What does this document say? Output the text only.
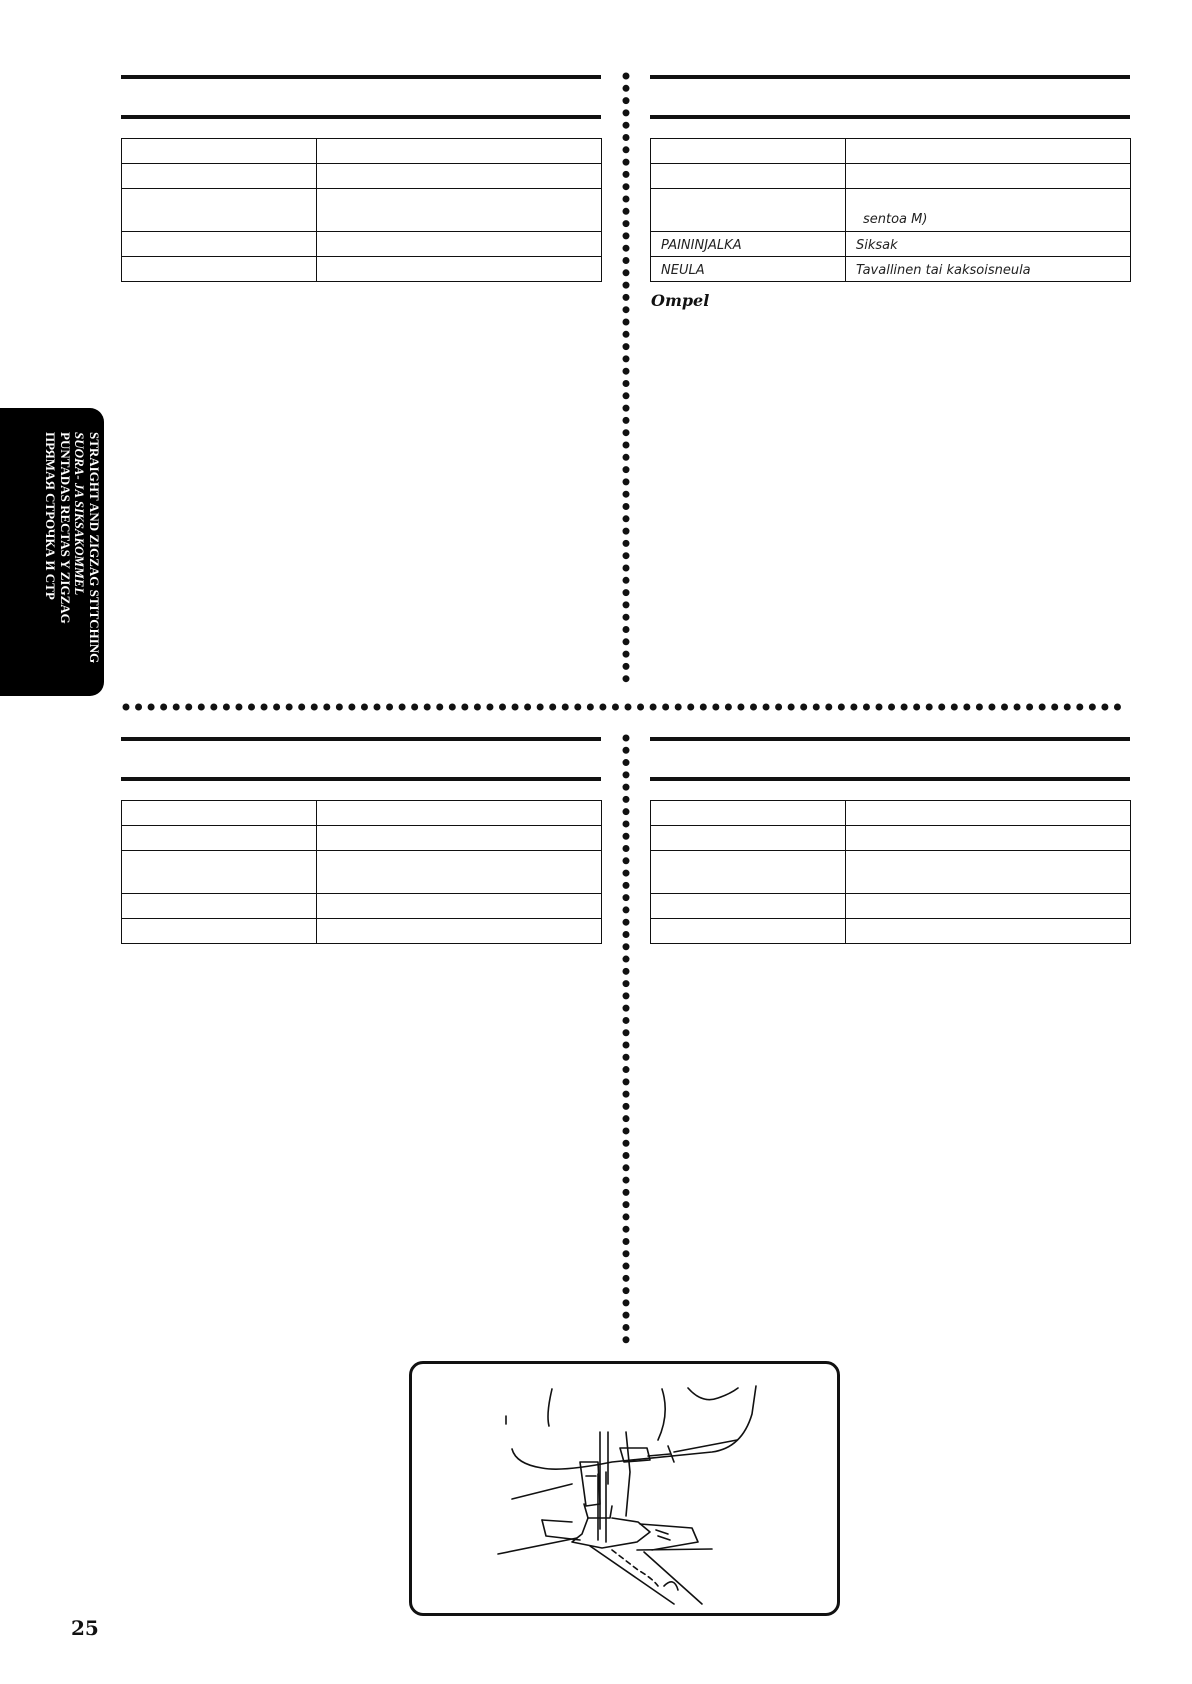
	sentoa M)
PAININJALKA	Siksak
NEULA	Tavallinen tai kaksoisneula
Ompel

STRAIGHT AND ZIGZAG STITCHING
SUORA- JA SIKSAKOMMEL
PUNTADAS RECTAS Y ZIGZAG
ПРЯМАЯ СТРОЧКА И СТР
25
